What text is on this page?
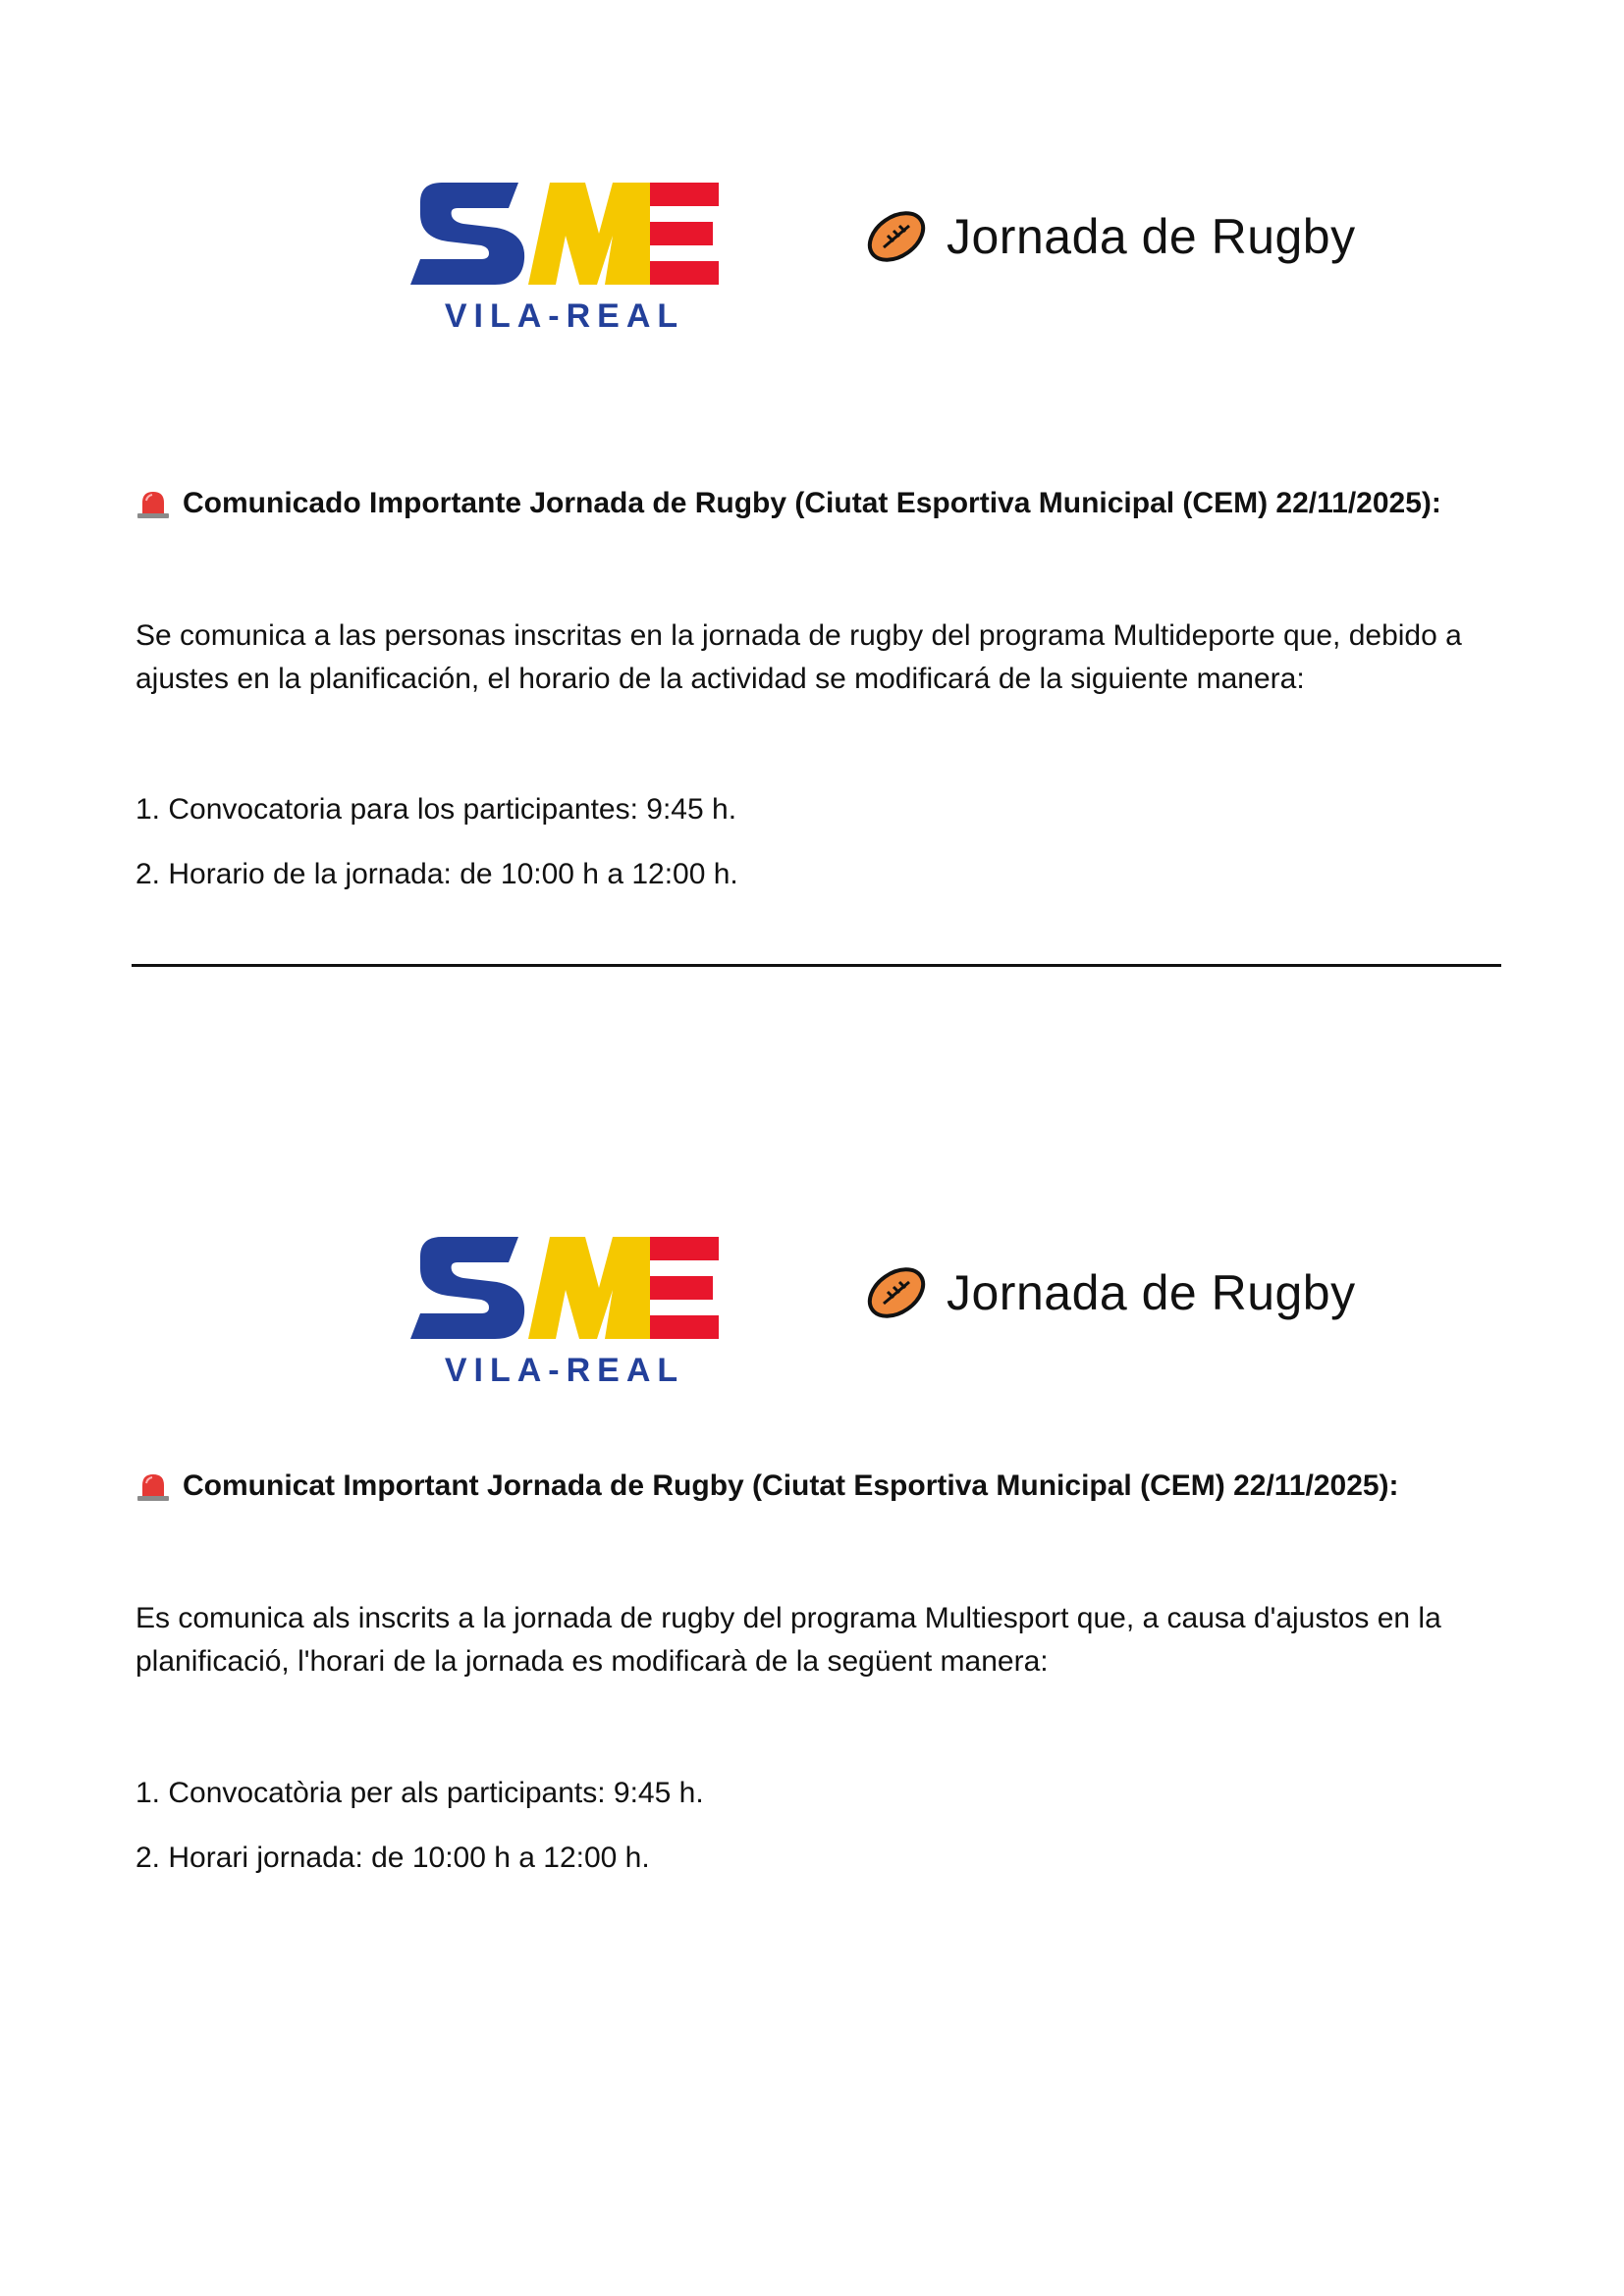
VILA-REAL
Jornada de Rugby
Comunicado Importante Jornada de Rugby (Ciutat Esportiva Municipal (CEM) 22/11/2025):

Se comunica a las personas inscritas en la jornada de rugby del programa Multideporte que, debido a
ajustes en la planificación, el horario de la actividad se modificará de la siguiente manera:

1. Convocatoria para los participantes: 9:45 h.

2. Horario de la jornada: de 10:00 h a 12:00 h.

VILA-REAL
Jornada de Rugby
Comunicat Important Jornada de Rugby (Ciutat Esportiva Municipal (CEM) 22/11/2025):

Es comunica als inscrits a la jornada de rugby del programa Multiesport que, a causa d'ajustos en la
planificació, l'horari de la jornada es modificarà de la següent manera:

1. Convocatòria per als participants: 9:45 h.

2. Horari jornada: de 10:00 h a 12:00 h.
